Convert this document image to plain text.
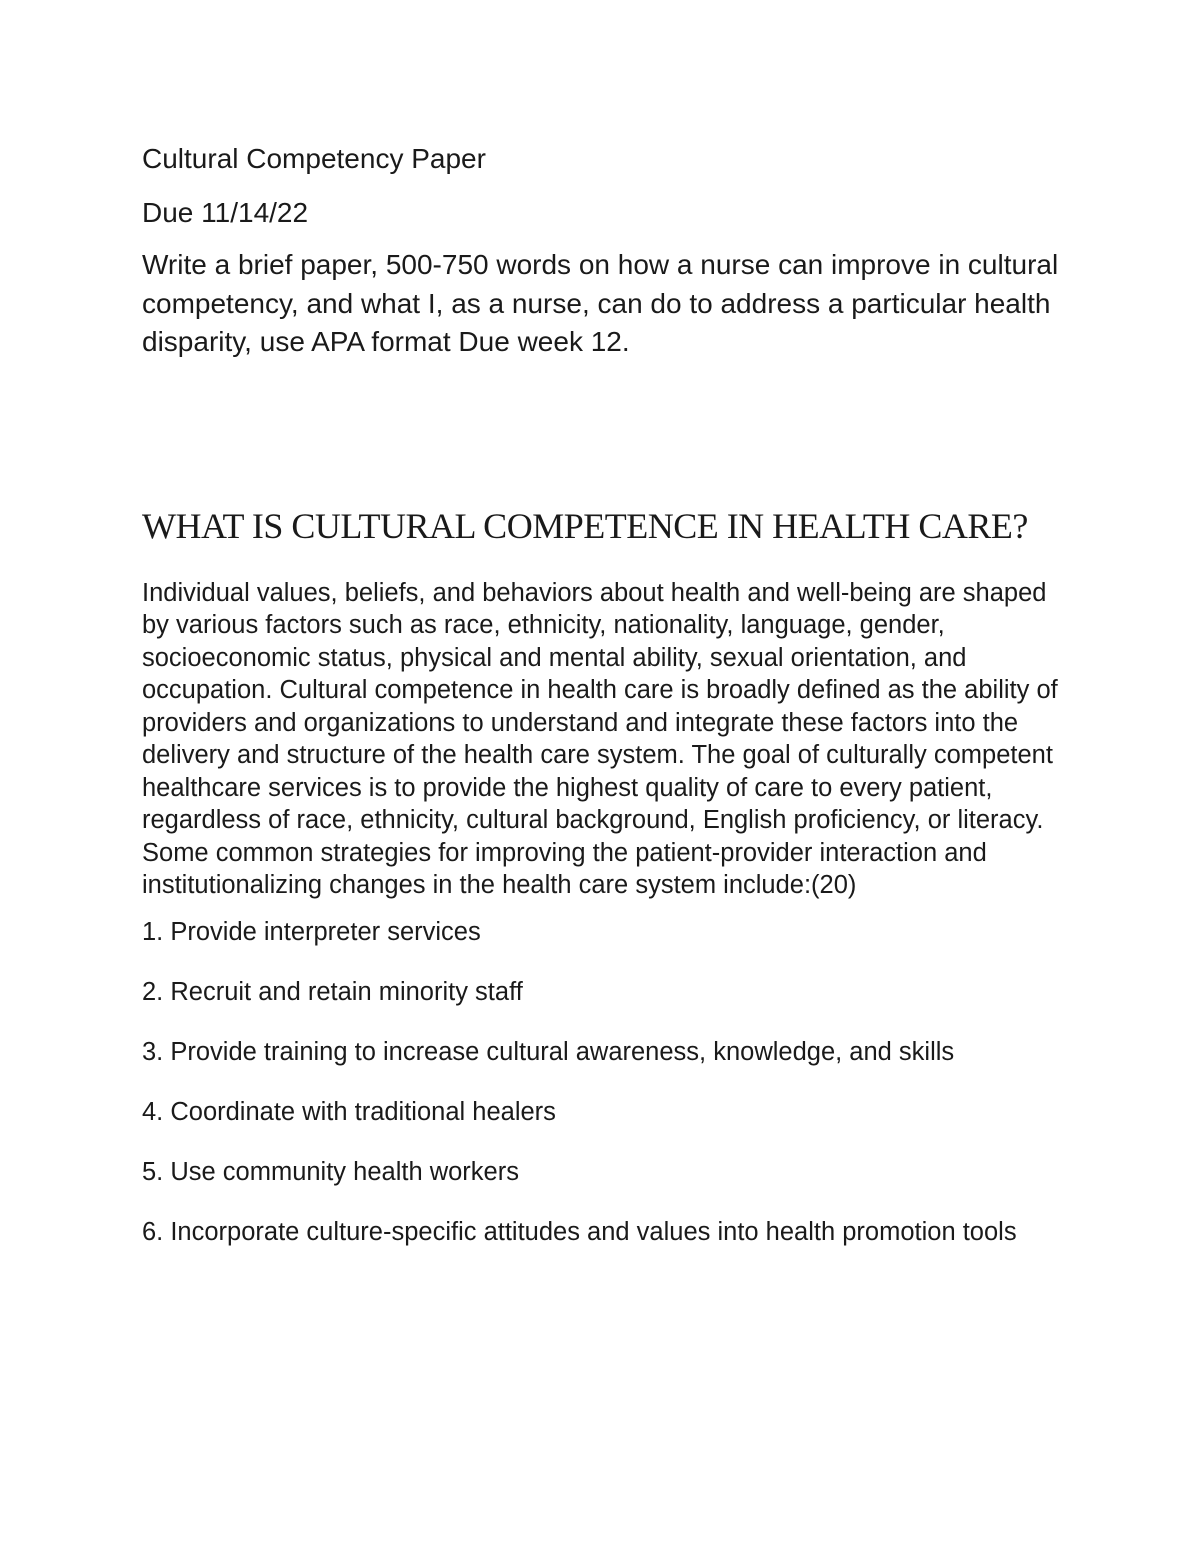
Cultural Competency Paper

Due 11/14/22

Write a brief paper, 500-750 words on how a nurse can improve in cultural competency, and what I, as a nurse, can do to address a particular health disparity, use APA format Due week 12.

WHAT IS CULTURAL COMPETENCE IN HEALTH CARE?

Individual values, beliefs, and behaviors about health and well-being are shaped by various factors such as race, ethnicity, nationality, language, gender, socioeconomic status, physical and mental ability, sexual orientation, and occupation. Cultural competence in health care is broadly defined as the ability of providers and organizations to understand and integrate these factors into the delivery and structure of the health care system. The goal of culturally competent healthcare services is to provide the highest quality of care to every patient, regardless of race, ethnicity, cultural background, English proficiency, or literacy. Some common strategies for improving the patient-provider interaction and institutionalizing changes in the health care system include:(20)

1. Provide interpreter services
2. Recruit and retain minority staff
3. Provide training to increase cultural awareness, knowledge, and skills
4. Coordinate with traditional healers
5. Use community health workers
6. Incorporate culture-specific attitudes and values into health promotion tools
